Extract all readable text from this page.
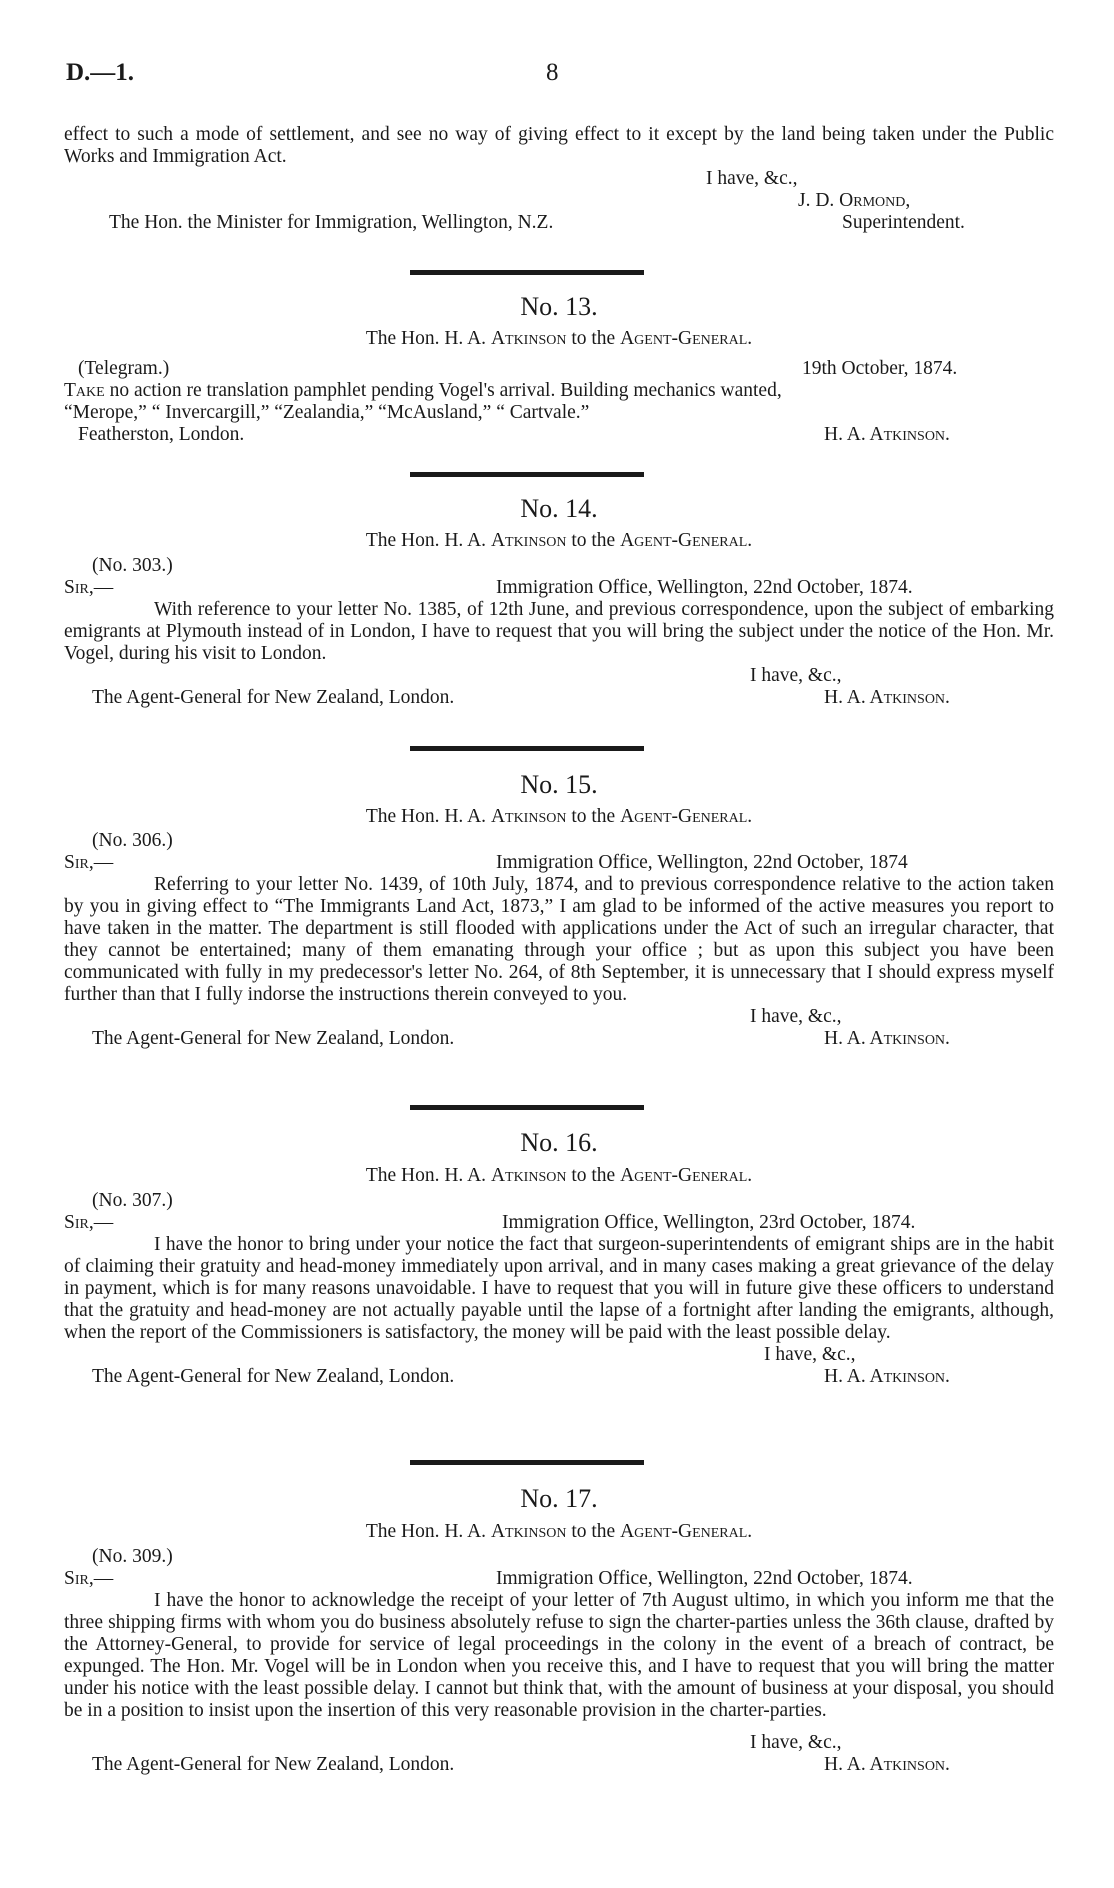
D.—1.	8

effect to such a mode of settlement, and see no way of giving effect to it except by the land being taken under the Public Works and Immigration Act.

I have, &c.,
J. D. Ormond,
The Hon. the Minister for Immigration, Wellington, N.Z.	Superintendent.
No. 13.
The Hon. H. A. Atkinson to the Agent-General.
(Telegram.)	19th October, 1874.
Take no action re translation pamphlet pending Vogel's arrival. Building mechanics wanted,
“Merope,” “ Invercargill,” “Zealandia,” “McAusland,” “ Cartvale.”
Featherston, London.	H. A. Atkinson.
No. 14.
The Hon. H. A. Atkinson to the Agent-General.
(No. 303.)
Sir,—	Immigration Office, Wellington, 22nd October, 1874.

With reference to your letter No. 1385, of 12th June, and previous correspondence, upon the subject of embarking emigrants at Plymouth instead of in London, I have to request that you will bring the subject under the notice of the Hon. Mr. Vogel, during his visit to London.

I have, &c.,
The Agent-General for New Zealand, London.	H. A. Atkinson.
No. 15.
The Hon. H. A. Atkinson to the Agent-General.
(No. 306.)
Sir,—	Immigration Office, Wellington, 22nd October, 1874

Referring to your letter No. 1439, of 10th July, 1874, and to previous correspondence relative to the action taken by you in giving effect to “The Immigrants Land Act, 1873,” I am glad to be informed of the active measures you report to have taken in the matter. The department is still flooded with applications under the Act of such an irregular character, that they cannot be entertained; many of them emanating through your office ; but as upon this subject you have been communicated with fully in my predecessor's letter No. 264, of 8th September, it is unnecessary that I should express myself further than that I fully indorse the instructions therein conveyed to you.

I have, &c.,
The Agent-General for New Zealand, London.	H. A. Atkinson.
No. 16.
The Hon. H. A. Atkinson to the Agent-General.
(No. 307.)
Sir,—	Immigration Office, Wellington, 23rd October, 1874.

I have the honor to bring under your notice the fact that surgeon-superintendents of emigrant ships are in the habit of claiming their gratuity and head-money immediately upon arrival, and in many cases making a great grievance of the delay in payment, which is for many reasons unavoidable. I have to request that you will in future give these officers to understand that the gratuity and head-money are not actually payable until the lapse of a fortnight after landing the emigrants, although, when the report of the Commissioners is satisfactory, the money will be paid with the least possible delay.

I have, &c.,
The Agent-General for New Zealand, London.	H. A. Atkinson.
No. 17.
The Hon. H. A. Atkinson to the Agent-General.
(No. 309.)
Sir,—	Immigration Office, Wellington, 22nd October, 1874.

I have the honor to acknowledge the receipt of your letter of 7th August ultimo, in which you inform me that the three shipping firms with whom you do business absolutely refuse to sign the charter-parties unless the 36th clause, drafted by the Attorney-General, to provide for service of legal proceedings in the colony in the event of a breach of contract, be expunged. The Hon. Mr. Vogel will be in London when you receive this, and I have to request that you will bring the matter under his notice with the least possible delay. I cannot but think that, with the amount of business at your disposal, you should be in a position to insist upon the insertion of this very reasonable provision in the charter-parties.

I have, &c.,
The Agent-General for New Zealand, London.	H. A. Atkinson.
